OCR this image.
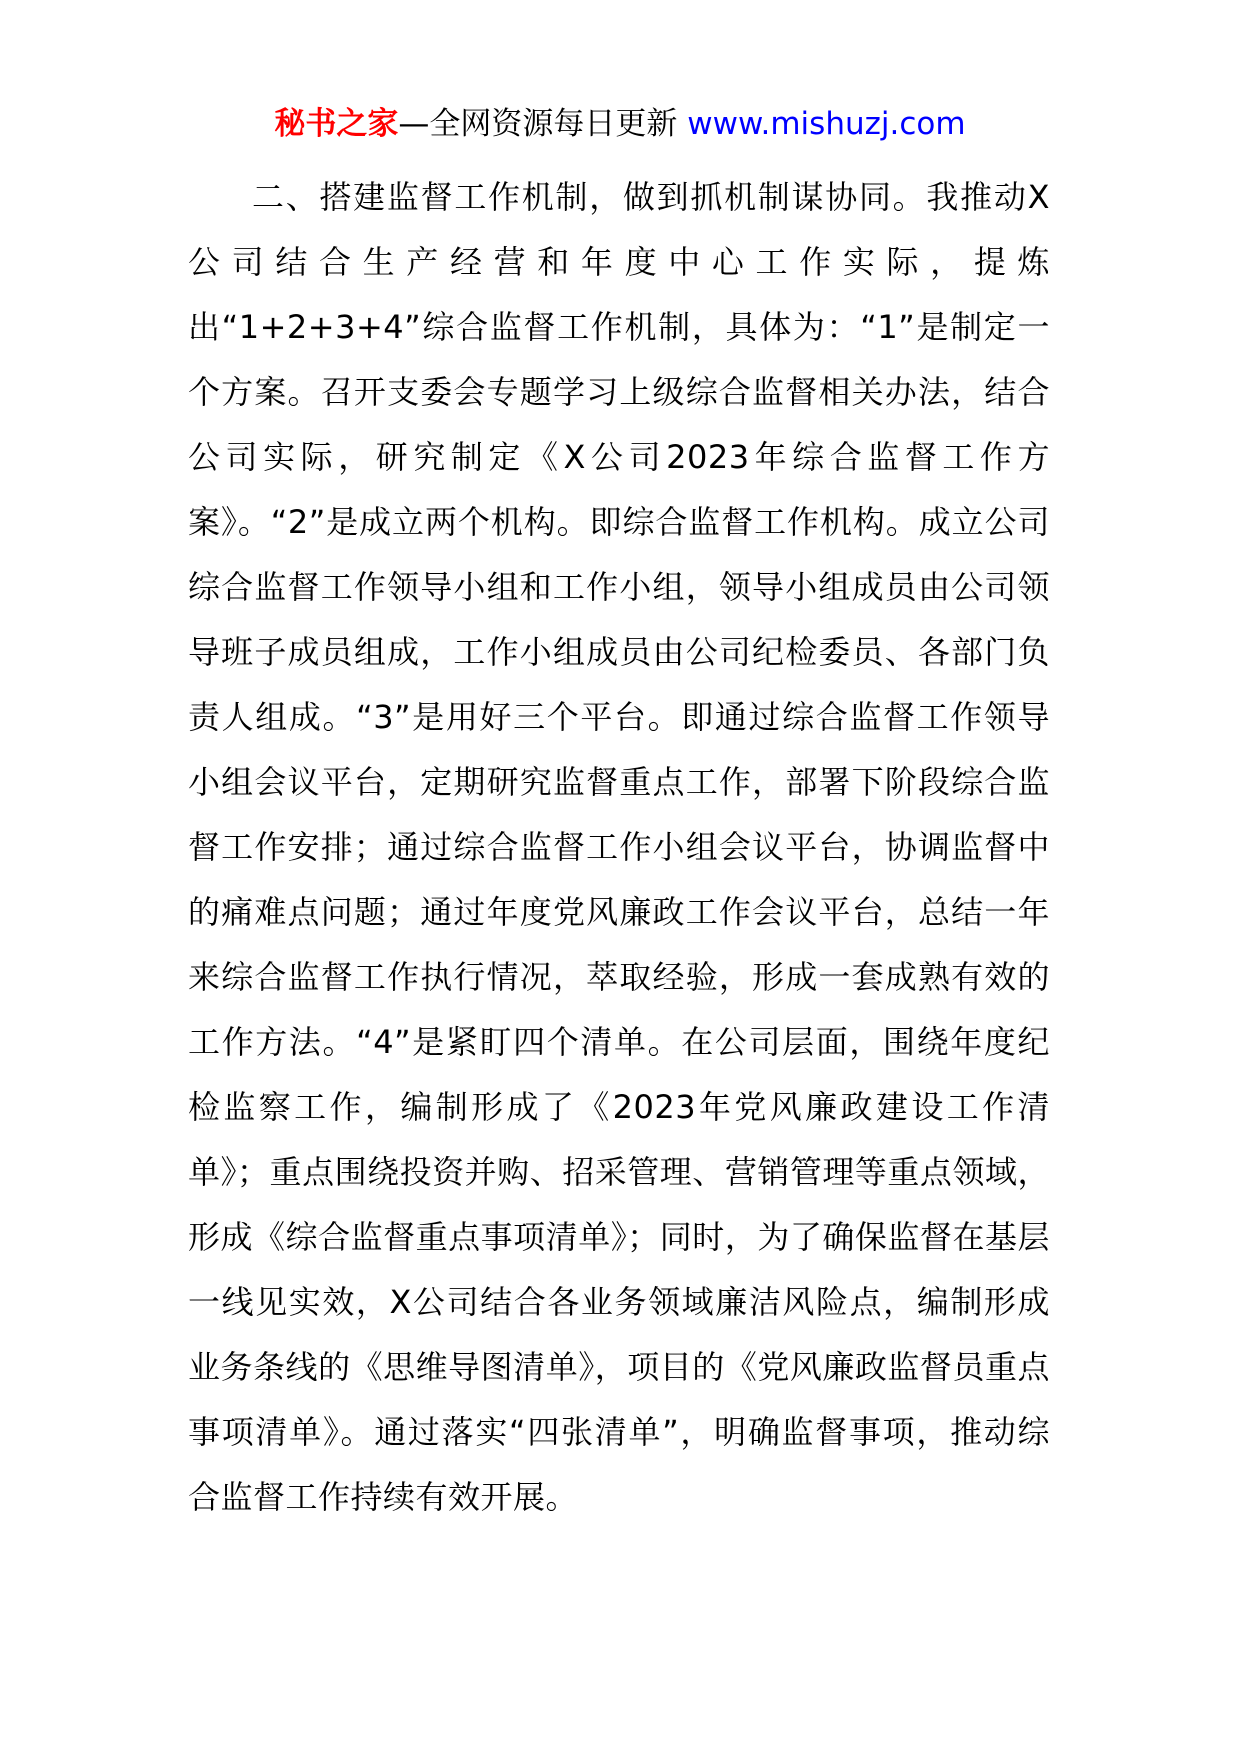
秘书之家—全网资源每日更新 www.mishuzj.com

二、搭建监督工作机制，做到抓机制谋协同。我推动X公司结合生产经营和年度中心工作实际，提炼出“1+2+3+4”综合监督工作机制，具体为：“1”是制定一个方案。召开支委会专题学习上级综合监督相关办法，结合公司实际，研究制定《X公司2023年综合监督工作方案》。“2”是成立两个机构。即综合监督工作机构。成立公司综合监督工作领导小组和工作小组，领导小组成员由公司领导班子成员组成，工作小组成员由公司纪检委员、各部门负责人组成。“3”是用好三个平台。即通过综合监督工作领导小组会议平台，定期研究监督重点工作，部署下阶段综合监督工作安排；通过综合监督工作小组会议平台，协调监督中的痛难点问题；通过年度党风廉政工作会议平台，总结一年来综合监督工作执行情况，萃取经验，形成一套成熟有效的工作方法。“4”是紧盯四个清单。在公司层面，围绕年度纪检监察工作，编制形成了《2023年党风廉政建设工作清单》；重点围绕投资并购、招采管理、营销管理等重点领域，形成《综合监督重点事项清单》；同时，为了确保监督在基层一线见实效，X公司结合各业务领域廉洁风险点，编制形成业务条线的《思维导图清单》，项目的《党风廉政监督员重点事项清单》。通过落实“四张清单”，明确监督事项，推动综合监督工作持续有效开展。
